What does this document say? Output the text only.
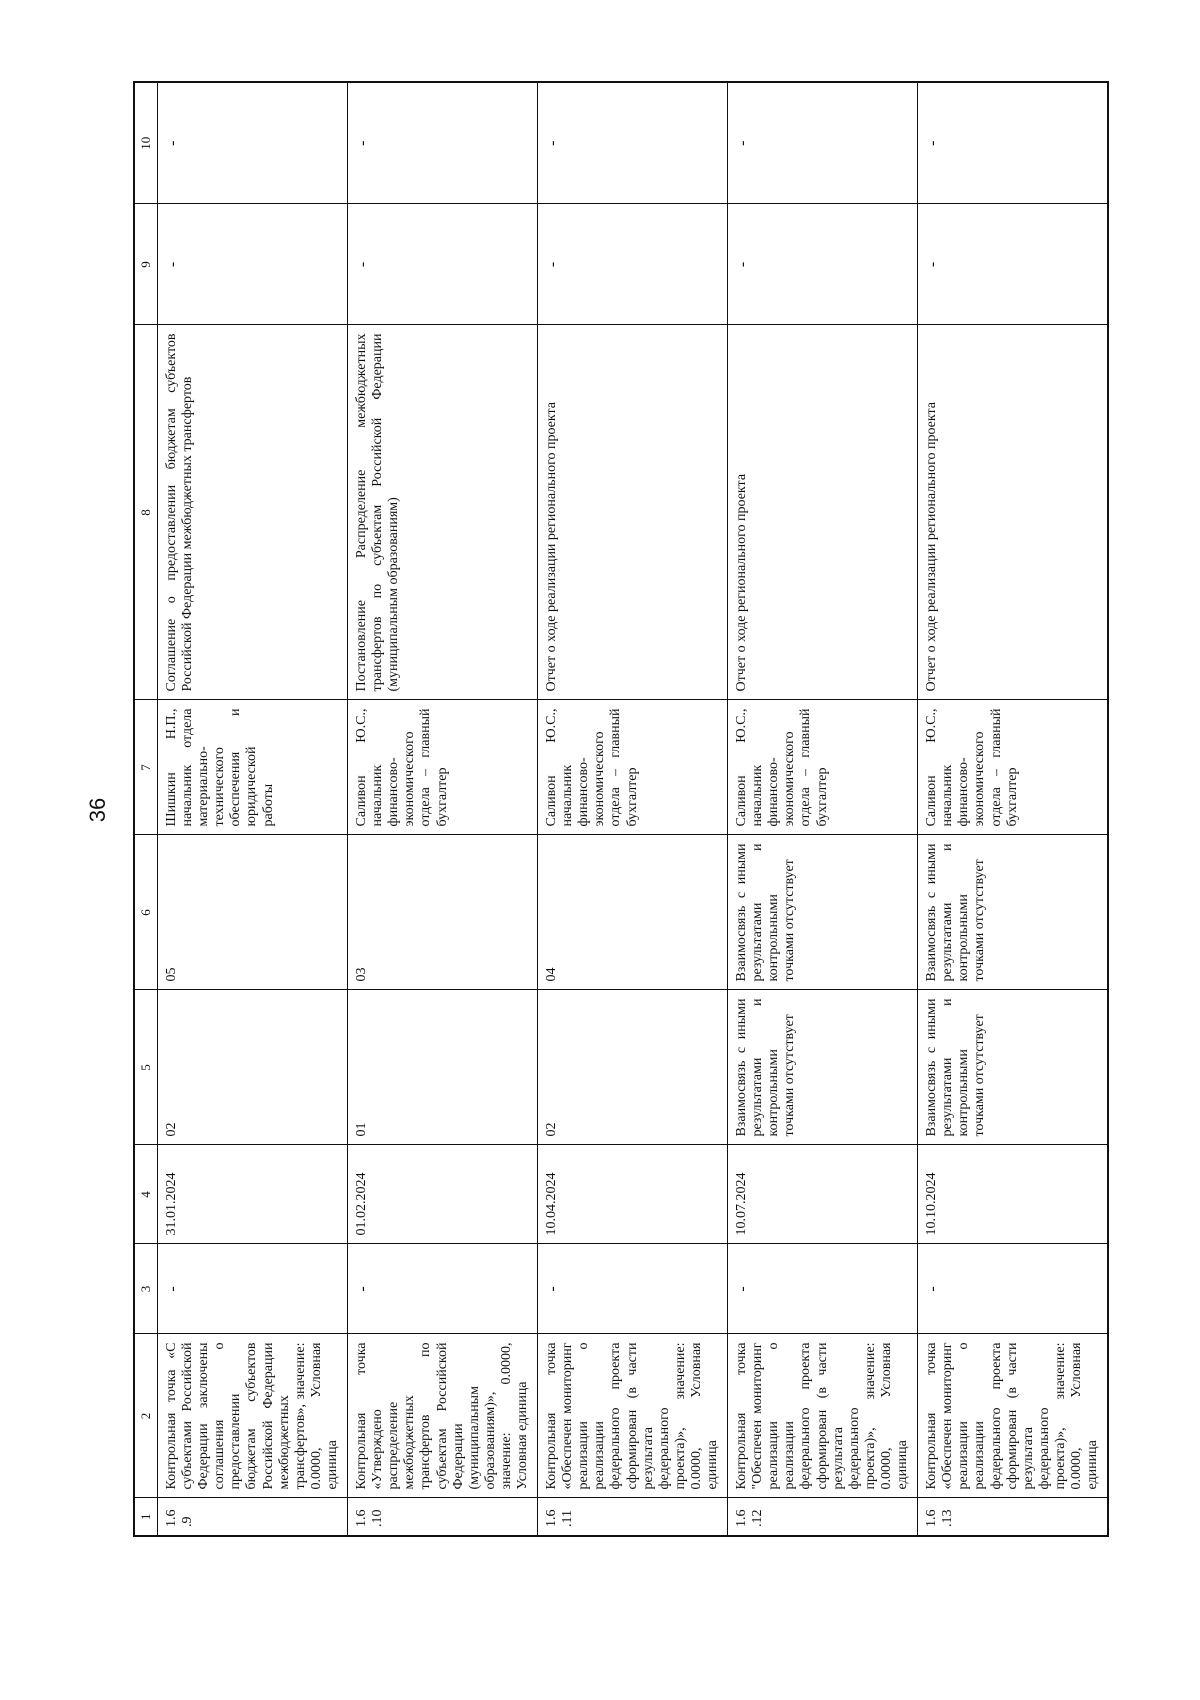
36
1	2	3	4	5	6	7	8	9	10
1.6.9	Контрольная точка «С субъектами Российской Федерации заключены соглашения о предоставлении бюджетам субъектов Российской Федерации межбюджетных трансфертов», значение: 0.0000, Условная единица	-	31.01.2024	02	05	Шишкин Н.П., начальник отдела материально-технического обеспечения и юридической работы	Соглашение о предоставлении бюджетам субъектов Российской Федерации межбюджетных трансфертов	-	-
1.6.10	Контрольная точка «Утверждено распределение межбюджетных трансфертов по субъектам Российской Федерации (муниципальным образованиям)», значение: 0.0000, Условная единица	-	01.02.2024	01	03	Саливон Ю.С., начальник финансово-экономического отдела – главный бухгалтер	Постановление Распределение межбюджетных трансфертов по субъектам Российской Федерации (муниципальным образованиям)	-	-
1.6.11	Контрольная точка «Обеспечен мониторинг реализации о реализации федерального проекта сформирован (в части результата федерального проекта)», значение: 0.0000, Условная единица	-	10.04.2024	02	04	Саливон Ю.С., начальник финансово-экономического отдела – главный бухгалтер	Отчет о ходе реализации регионального проекта	-	-
1.6.12	Контрольная точка "Обеспечен мониторинг реализации о реализации федерального проекта сформирован (в части результата федерального проекта)», значение: 0.0000, Условная единица	-	10.07.2024	Взаимосвязь с иными результатами и контрольными точками отсутствует	Взаимосвязь с иными результатами и контрольными точками отсутствует	Саливон Ю.С., начальник финансово-экономического отдела – главный бухгалтер	Отчет о ходе регионального проекта	-	-
1.6.13	Контрольная точка «Обеспечен мониторинг реализации о реализации федерального проекта сформирован (в части результата федерального проекта)», значение: 0.0000, Условная единица	-	10.10.2024	Взаимосвязь с иными результатами и контрольными точками отсутствует	Взаимосвязь с иными результатами и контрольными точками отсутствует	Саливон Ю.С., начальник финансово-экономического отдела – главный бухгалтер	Отчет о ходе реализации регионального проекта	-	-
